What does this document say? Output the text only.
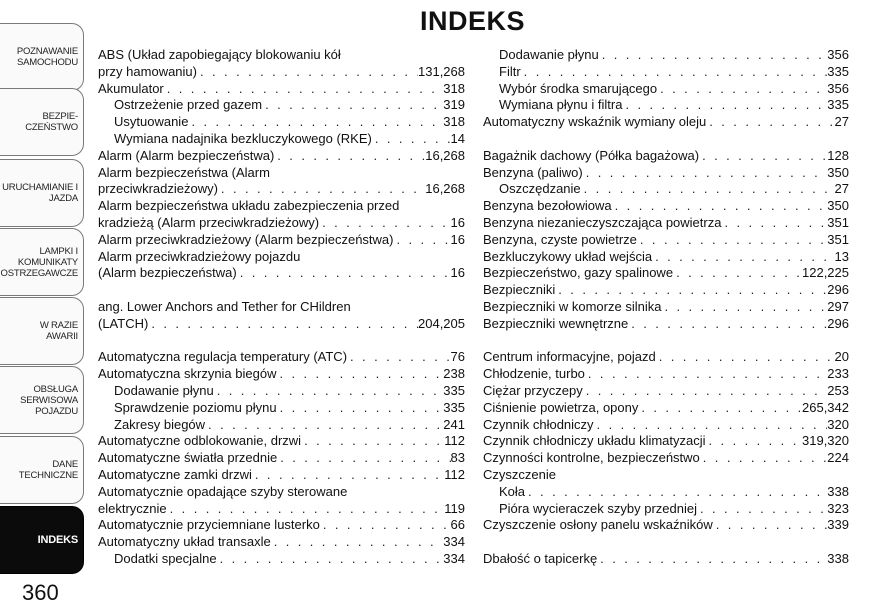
POZNAWANIE
SAMOCHODU
BEZPIE-
CZEŃSTWO
URUCHAMIANIE I
JAZDA
LAMPKI I
KOMUNIKATY
OSTRZEGAWCZE
W RAZIE
AWARII
OBSŁUGA
SERWISOWA
POJAZDU
DANE
TECHNICZNE
INDEKS
INDEKS
360
ABS (Układ zapobiegający blokowaniu kół
przy hamowaniu) . . .	131,268
Akumulator . . .	318
Ostrzeżenie przed gazem . . .	319
Usytuowanie . . .	318
Wymiana nadajnika bezkluczykowego (RKE) . . .	14
Alarm (Alarm bezpieczeństwa) . . .	16,268
Alarm bezpieczeństwa (Alarm
przeciwkradzieżowy) . . .	16,268
Alarm bezpieczeństwa układu zabezpieczenia przed
kradzieżą (Alarm przeciwkradzieżowy) . . .	16
Alarm przeciwkradzieżowy (Alarm bezpieczeństwa) . . .	16
Alarm przeciwkradzieżowy pojazdu
(Alarm bezpieczeństwa) . . .	16
ang. Lower Anchors and Tether for CHildren
(LATCH) . . .	204,205
Automatyczna regulacja temperatury (ATC) . . .	76
Automatyczna skrzynia biegów . . .	238
Dodawanie płynu . . .	335
Sprawdzenie poziomu płynu . . .	335
Zakresy biegów . . .	241
Automatyczne odblokowanie, drzwi . . .	112
Automatyczne światła przednie . . .	83
Automatyczne zamki drzwi . . .	112
Automatycznie opadające szyby sterowane
elektrycznie . . .	119
Automatycznie przyciemniane lusterko . . .	66
Automatyczny układ transaxle . . .	334
Dodatki specjalne . . .	334
Dodawanie płynu . . .	356
Filtr . . .	335
Wybór środka smarującego . . .	356
Wymiana płynu i filtra . . .	335
Automatyczny wskaźnik wymiany oleju . . .	27
Bagażnik dachowy (Półka bagażowa) . . .	128
Benzyna (paliwo) . . .	350
Oszczędzanie . . .	27
Benzyna bezołowiowa . . .	350
Benzyna niezanieczyszczająca powietrza . . .	351
Benzyna, czyste powietrze . . .	351
Bezkluczykowy układ wejścia . . .	13
Bezpieczeństwo, gazy spalinowe . . .	122,225
Bezpieczniki . . .	296
Bezpieczniki w komorze silnika . . .	297
Bezpieczniki wewnętrzne . . .	296
Centrum informacyjne, pojazd . . .	20
Chłodzenie, turbo . . .	233
Ciężar przyczepy . . .	253
Ciśnienie powietrza, opony . . .	265,342
Czynnik chłodniczy . . .	320
Czynnik chłodniczy układu klimatyzacji . . .	319,320
Czynności kontrolne, bezpieczeństwo . . .	224
Czyszczenie
Koła . . .	338
Pióra wycieraczek szyby przedniej . . .	323
Czyszczenie osłony panelu wskaźników . . .	339
Dbałość o tapicerkę . . .	338
